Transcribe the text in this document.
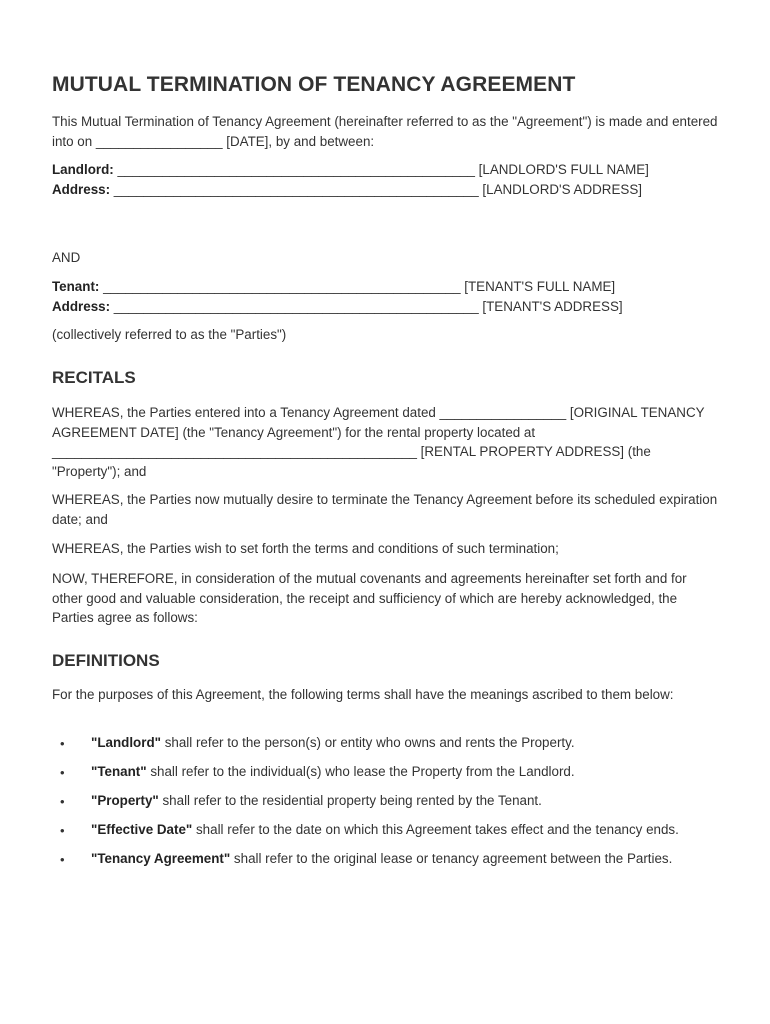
MUTUAL TERMINATION OF TENANCY AGREEMENT

This Mutual Termination of Tenancy Agreement (hereinafter referred to as the "Agreement") is made and entered into on _________________ [DATE], by and between:

Landlord: ________________________________________________ [LANDLORD'S FULL NAME]
Address: _________________________________________________ [LANDLORD'S ADDRESS]

AND

Tenant: ________________________________________________ [TENANT'S FULL NAME]
Address: _________________________________________________ [TENANT'S ADDRESS]

(collectively referred to as the "Parties")

RECITALS

WHEREAS, the Parties entered into a Tenancy Agreement dated _________________ [ORIGINAL TENANCY AGREEMENT DATE] (the "Tenancy Agreement") for the rental property located at _________________________________________________ [RENTAL PROPERTY ADDRESS] (the "Property"); and

WHEREAS, the Parties now mutually desire to terminate the Tenancy Agreement before its scheduled expiration date; and

WHEREAS, the Parties wish to set forth the terms and conditions of such termination;

NOW, THEREFORE, in consideration of the mutual covenants and agreements hereinafter set forth and for other good and valuable consideration, the receipt and sufficiency of which are hereby acknowledged, the Parties agree as follows:

DEFINITIONS

For the purposes of this Agreement, the following terms shall have the meanings ascribed to them below:

• "Landlord" shall refer to the person(s) or entity who owns and rents the Property.
• "Tenant" shall refer to the individual(s) who lease the Property from the Landlord.
• "Property" shall refer to the residential property being rented by the Tenant.
• "Effective Date" shall refer to the date on which this Agreement takes effect and the tenancy ends.
• "Tenancy Agreement" shall refer to the original lease or tenancy agreement between the Parties.
